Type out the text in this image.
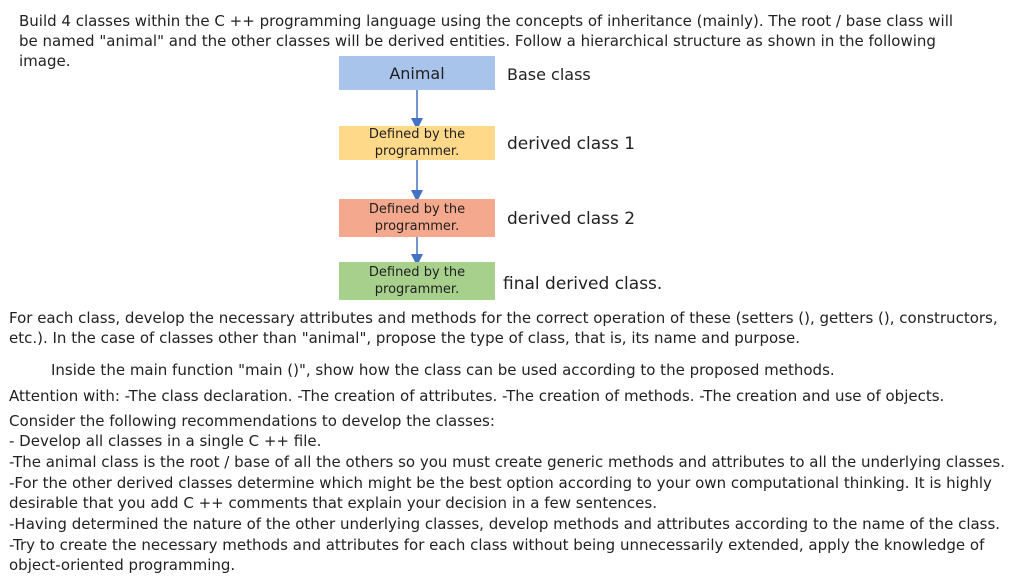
Build 4 classes within the C ++ programming language using the concepts of inheritance (mainly). The root / base class will
be named "animal" and the other classes will be derived entities. Follow a hierarchical structure as shown in the following
image.
Animal
Defined by the
programmer.
Defined by the
programmer.
Defined by the
programmer.
Base class
derived class 1
derived class 2
final derived class.
For each class, develop the necessary attributes and methods for the correct operation of these (setters (), getters (), constructors,
etc.). In the case of classes other than "animal", propose the type of class, that is, its name and purpose.
Inside the main function "main ()", show how the class can be used according to the proposed methods.
Attention with: -The class declaration. -The creation of attributes. -The creation of methods. -The creation and use of objects.
Consider the following recommendations to develop the classes:
- Develop all classes in a single C ++ file.
-The animal class is the root / base of all the others so you must create generic methods and attributes to all the underlying classes.
-For the other derived classes determine which might be the best option according to your own computational thinking. It is highly
desirable that you add C ++ comments that explain your decision in a few sentences.
-Having determined the nature of the other underlying classes, develop methods and attributes according to the name of the class.
-Try to create the necessary methods and attributes for each class without being unnecessarily extended, apply the knowledge of
object-oriented programming.
